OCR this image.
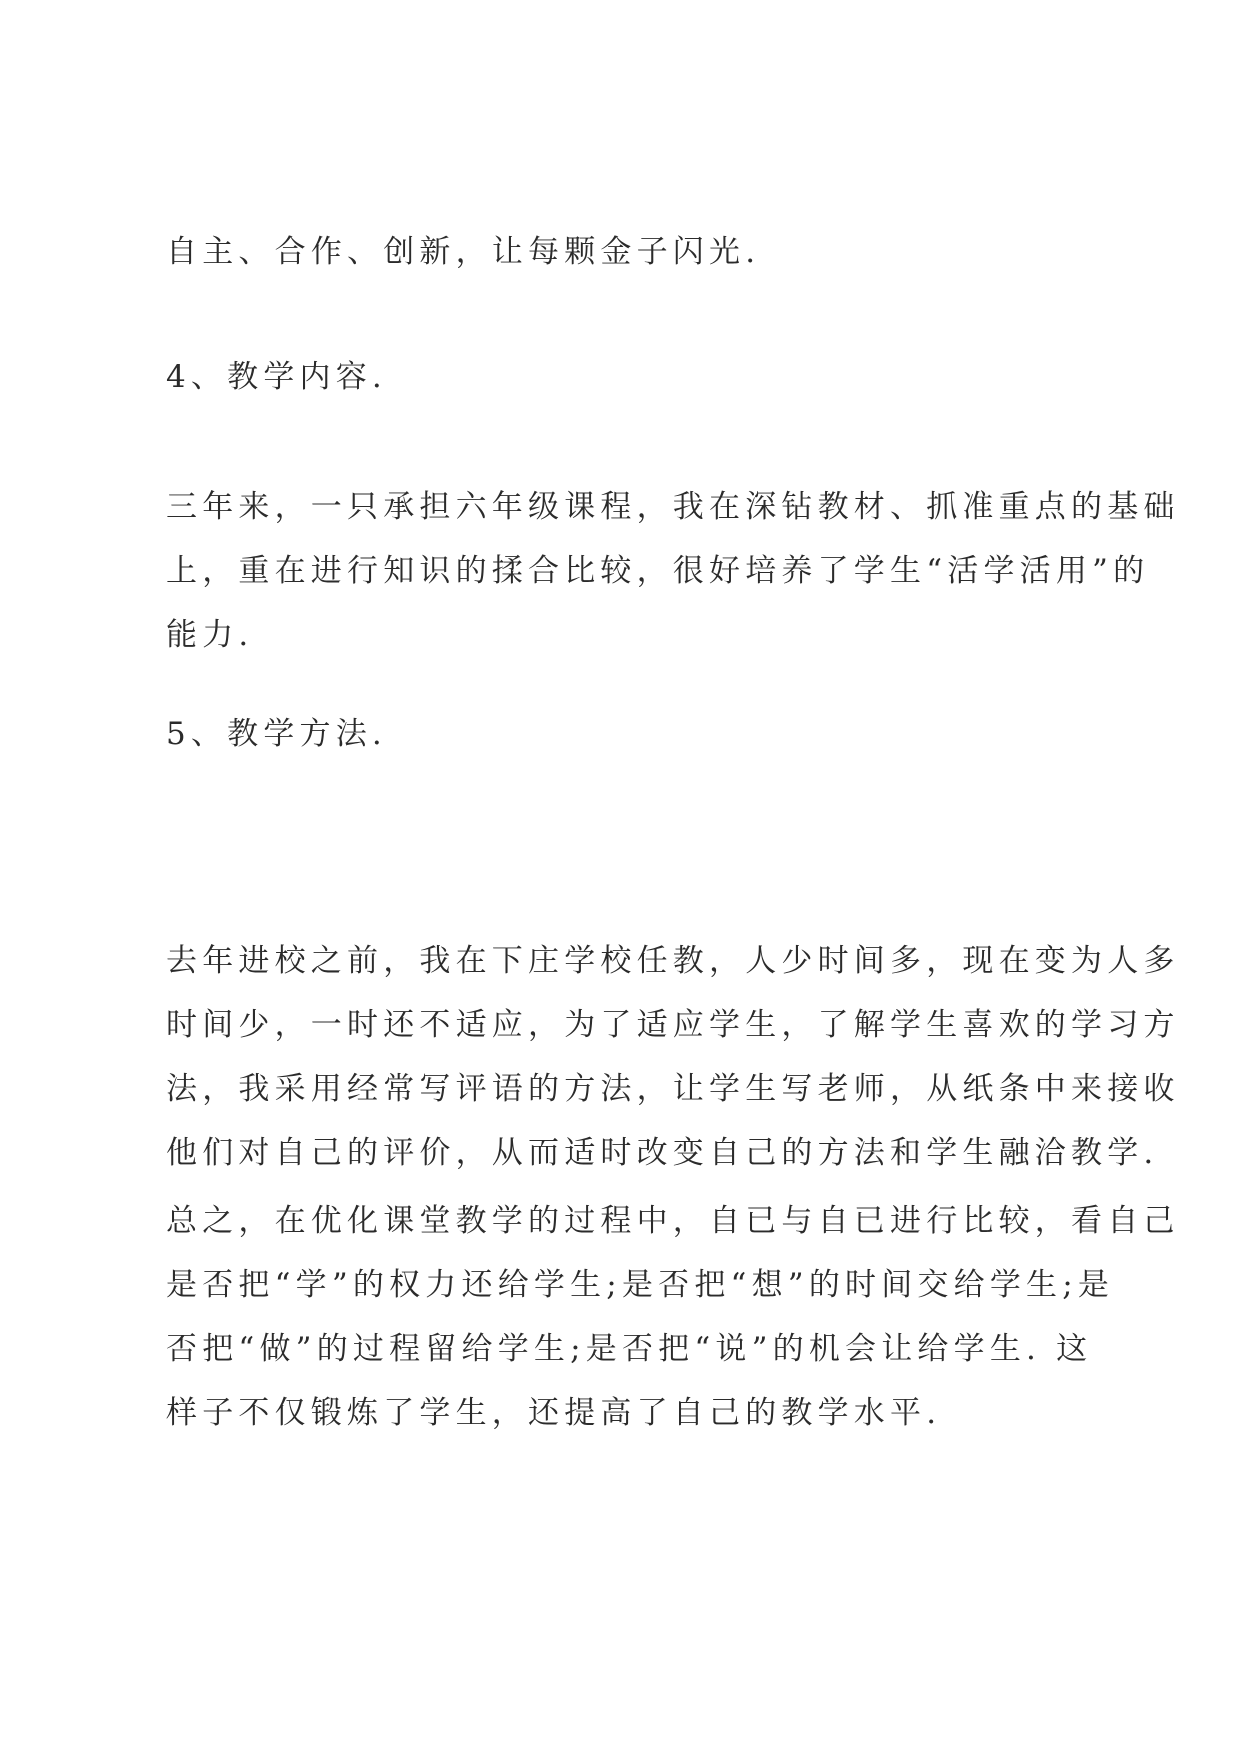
自主、合作、创新，让每颗金子闪光.

4、教学内容.

三年来，一只承担六年级课程，我在深钻教材、抓准重点的基础
上，重在进行知识的揉合比较，很好培养了学生“活学活用”的
能力.

5、教学方法.

去年进校之前，我在下庄学校任教，人少时间多，现在变为人多
时间少，一时还不适应，为了适应学生，了解学生喜欢的学习方
法，我采用经常写评语的方法，让学生写老师，从纸条中来接收
他们对自己的评价，从而适时改变自己的方法和学生融洽教学.

总之，在优化课堂教学的过程中，自已与自已进行比较，看自己
是否把“学”的权力还给学生;是否把“想”的时间交给学生;是
否把“做”的过程留给学生;是否把“说”的机会让给学生. 这
样子不仅锻炼了学生，还提高了自己的教学水平.
